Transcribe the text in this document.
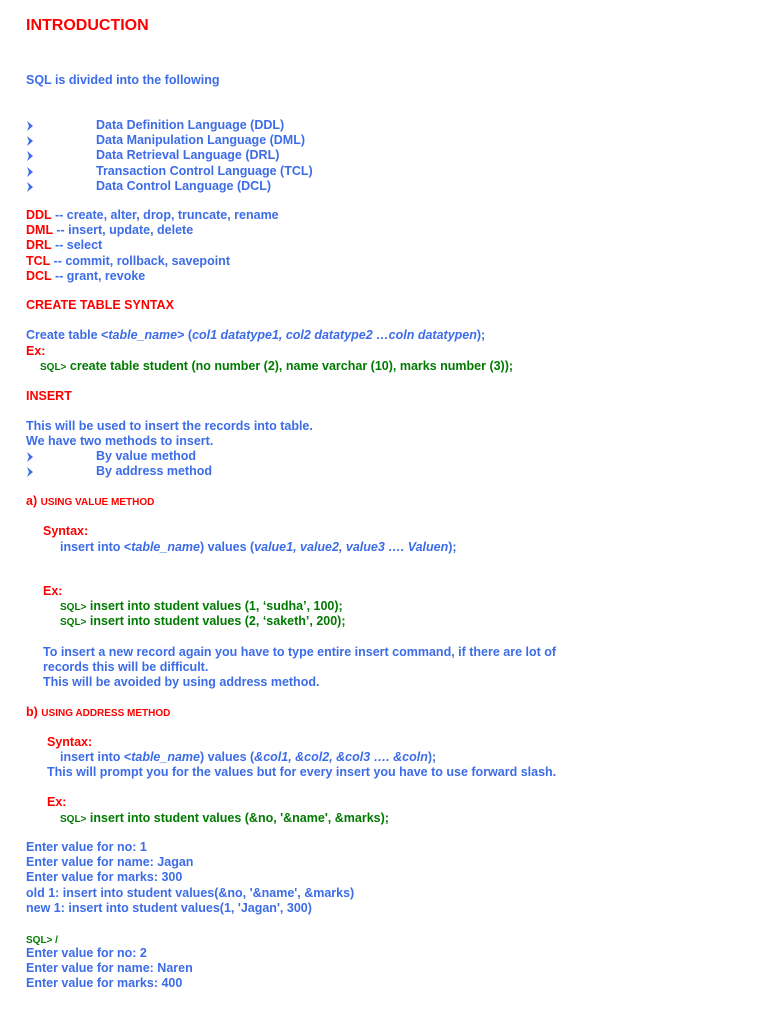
INTRODUCTION
SQL is divided into the following
Data Definition Language (DDL)
Data Manipulation Language (DML)
Data Retrieval Language (DRL)
Transaction Control Language (TCL)
Data Control Language (DCL)
DDL -- create, alter, drop, truncate, rename
DML -- insert, update, delete
DRL -- select
TCL -- commit, rollback, savepoint
DCL -- grant, revoke
CREATE TABLE SYNTAX
Create table <table_name> (col1 datatype1, col2 datatype2 …coln datatypen);
Ex:
SQL> create table student (no number (2), name varchar (10), marks number (3));
INSERT
This will be used to insert the records into table.
We have two methods to insert.
By value method
By address method
a) USING VALUE METHOD
Syntax:
insert into <table_name) values (value1, value2, value3 …. Valuen);
Ex:
SQL> insert into student values (1, ‘sudha’, 100);
SQL> insert into student values (2, ‘saketh’, 200);
To insert a new record again you have to type entire insert command, if there are lot of
records this will be difficult.
This will be avoided by using address method.
b) USING ADDRESS METHOD
Syntax:
insert into <table_name) values (&col1, &col2, &col3 …. &coln);
This will prompt you for the values but for every insert you have to use forward slash.
Ex:
SQL> insert into student values (&no, '&name', &marks);
Enter value for no: 1
Enter value for name: Jagan
Enter value for marks: 300
old 1: insert into student values(&no, '&name', &marks)
new 1: insert into student values(1, 'Jagan', 300)
SQL> /
Enter value for no: 2
Enter value for name: Naren
Enter value for marks: 400
